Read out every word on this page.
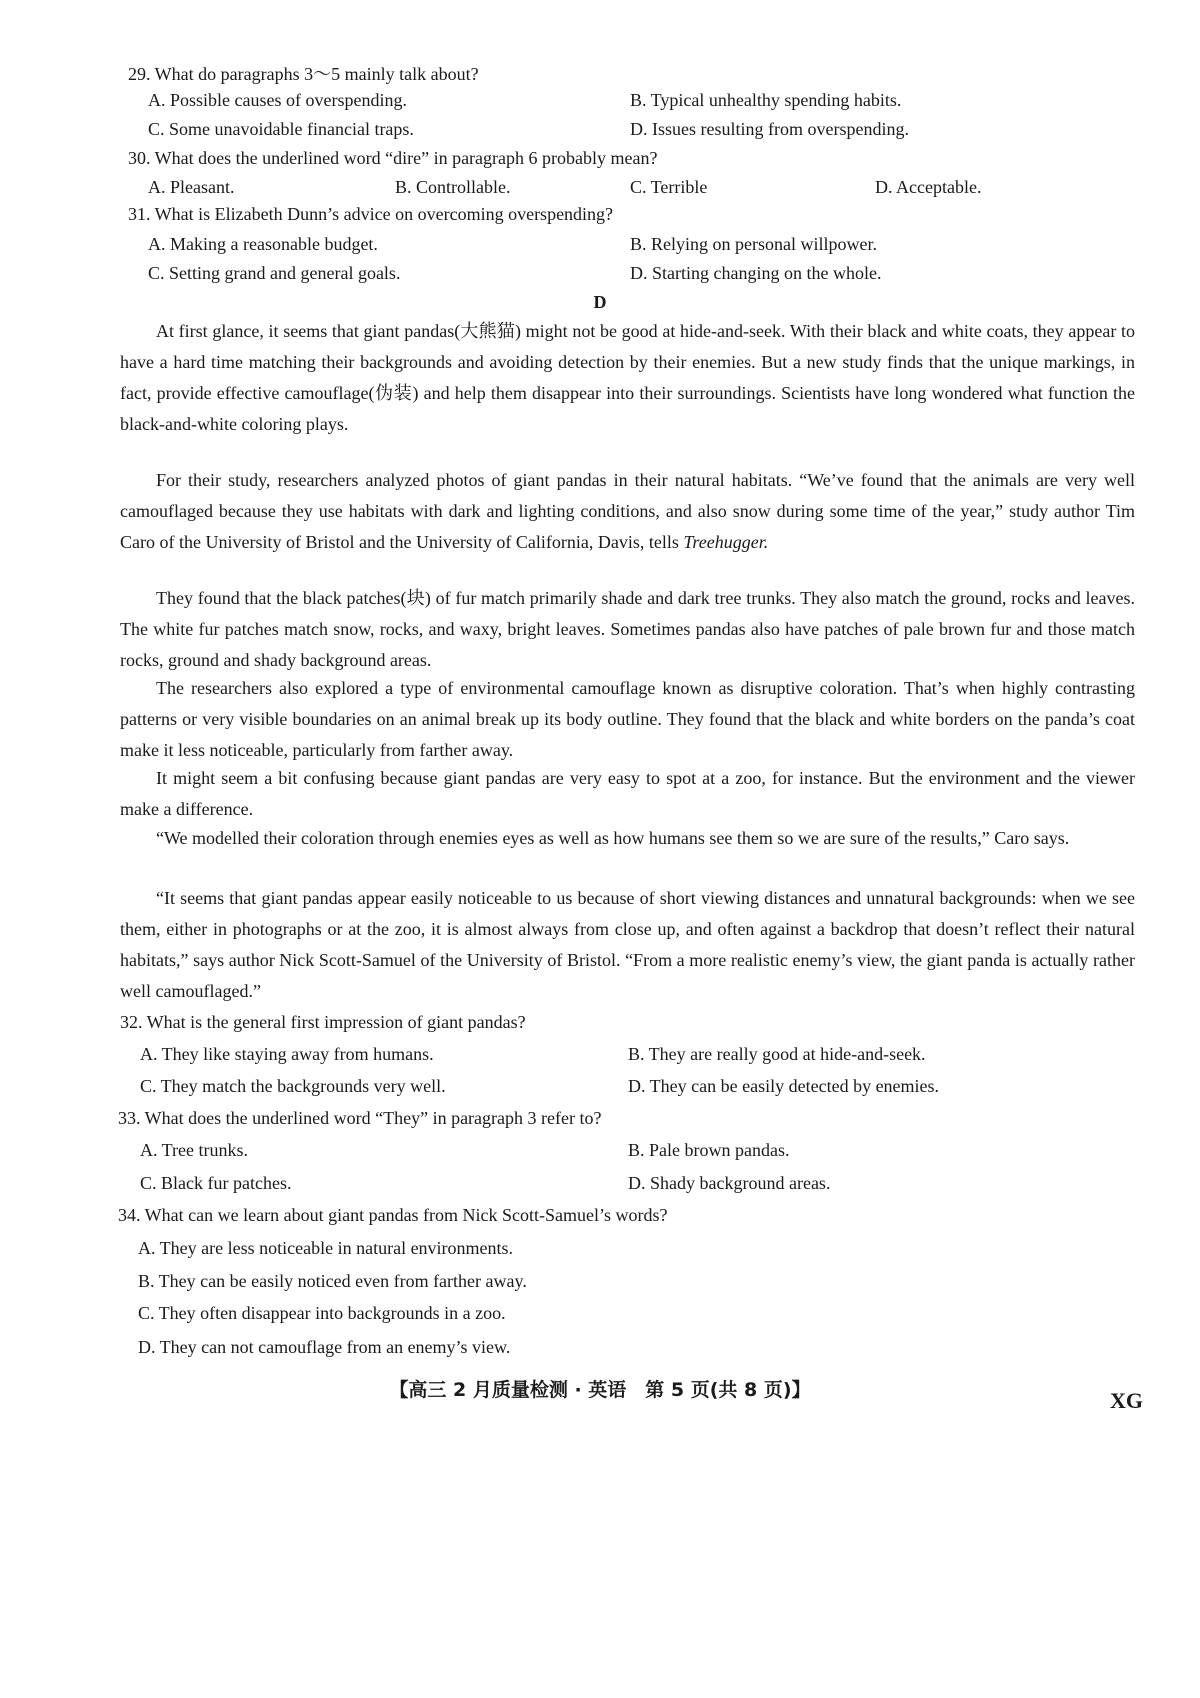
29. What do paragraphs 3～5 mainly talk about?
A. Possible causes of overspending.	B. Typical unhealthy spending habits.
C. Some unavoidable financial traps.	D. Issues resulting from overspending.
30. What does the underlined word “dire” in paragraph 6 probably mean?
A. Pleasant.	B. Controllable.	C. Terrible	D. Acceptable.
31. What is Elizabeth Dunn’s advice on overcoming overspending?
A. Making a reasonable budget.	B. Relying on personal willpower.
C. Setting grand and general goals.	D. Starting changing on the whole.
D

At first glance, it seems that giant pandas(大熊猫) might not be good at hide-and-seek. With their black and white coats, they appear to have a hard time matching their backgrounds and avoiding detection by their enemies. But a new study finds that the unique markings, in fact, provide effective camouflage(伪装) and help them disappear into their surroundings. Scientists have long wondered what function the black-and-white coloring plays.

For their study, researchers analyzed photos of giant pandas in their natural habitats. “We’ve found that the animals are very well camouflaged because they use habitats with dark and lighting conditions, and also snow during some time of the year,” study author Tim Caro of the University of Bristol and the University of California, Davis, tells Treehugger.

They found that the black patches(块) of fur match primarily shade and dark tree trunks. They also match the ground, rocks and leaves. The white fur patches match snow, rocks, and waxy, bright leaves. Sometimes pandas also have patches of pale brown fur and those match rocks, ground and shady background areas.

The researchers also explored a type of environmental camouflage known as disruptive coloration. That’s when highly contrasting patterns or very visible boundaries on an animal break up its body outline. They found that the black and white borders on the panda’s coat make it less noticeable, particularly from farther away.

It might seem a bit confusing because giant pandas are very easy to spot at a zoo, for instance. But the environment and the viewer make a difference.

“We modelled their coloration through enemies eyes as well as how humans see them so we are sure of the results,” Caro says.

“It seems that giant pandas appear easily noticeable to us because of short viewing distances and unnatural backgrounds: when we see them, either in photographs or at the zoo, it is almost always from close up, and often against a backdrop that doesn’t reflect their natural habitats,” says author Nick Scott-Samuel of the University of Bristol. “From a more realistic enemy’s view, the giant panda is actually rather well camouflaged.”

32. What is the general first impression of giant pandas?
A. They like staying away from humans.	B. They are really good at hide-and-seek.
C. They match the backgrounds very well.	D. They can be easily detected by enemies.
33. What does the underlined word “They” in paragraph 3 refer to?
A. Tree trunks.	B. Pale brown pandas.
C. Black fur patches.	D. Shady background areas.
34. What can we learn about giant pandas from Nick Scott-Samuel’s words?
A. They are less noticeable in natural environments.
B. They can be easily noticed even from farther away.
C. They often disappear into backgrounds in a zoo.
D. They can not camouflage from an enemy’s view.
【高三 2 月质量检测 · 英语　第 5 页(共 8 页)】	XG
